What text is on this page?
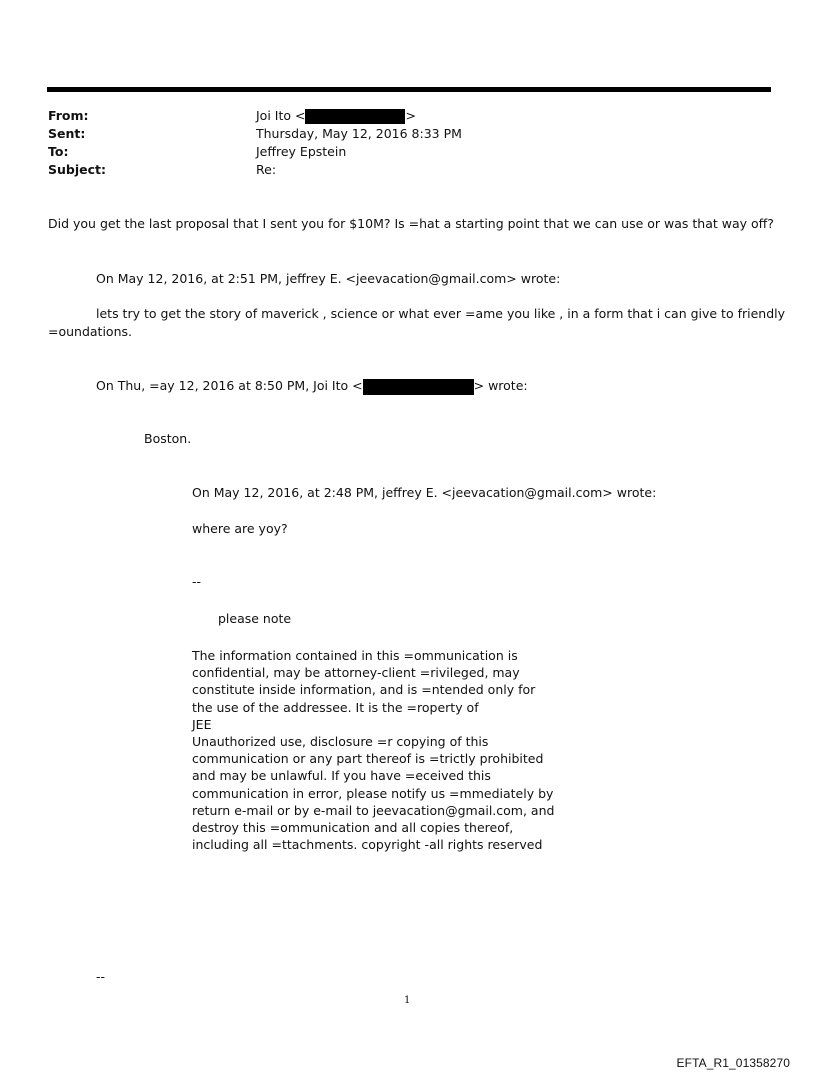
From:	Joi Ito <	>
Sent:	Thursday, May 12, 2016 8:33 PM
To:	Jeffrey Epstein
Subject:	Re:
Did you get the last proposal that I sent you for $10M? Is =hat a starting point that we can use or was that way off?
On May 12, 2016, at 2:51 PM, jeffrey E. <jeevacation@gmail.com> wrote:
lets try to get the story of maverick , science or what ever =ame you like , in a form that i can give to friendly
=oundations.
On Thu, =ay 12, 2016 at 8:50 PM, Joi Ito <	> wrote:
Boston.
On May 12, 2016, at 2:48 PM, jeffrey E. <jeevacation@gmail.com> wrote:
where are yoy?
--
please note
The information contained in this =ommunication is
confidential, may be attorney-client =rivileged, may
constitute inside information, and is =ntended only for
the use of the addressee. It is the =roperty of
JEE
Unauthorized use, disclosure =r copying of this
communication or any part thereof is =trictly prohibited
and may be unlawful. If you have =eceived this
communication in error, please notify us =mmediately by
return e-mail or by e-mail to jeevacation@gmail.com, and
destroy this =ommunication and all copies thereof,
including all =ttachments. copyright -all rights reserved
--
1
EFTA_R1_01358270
